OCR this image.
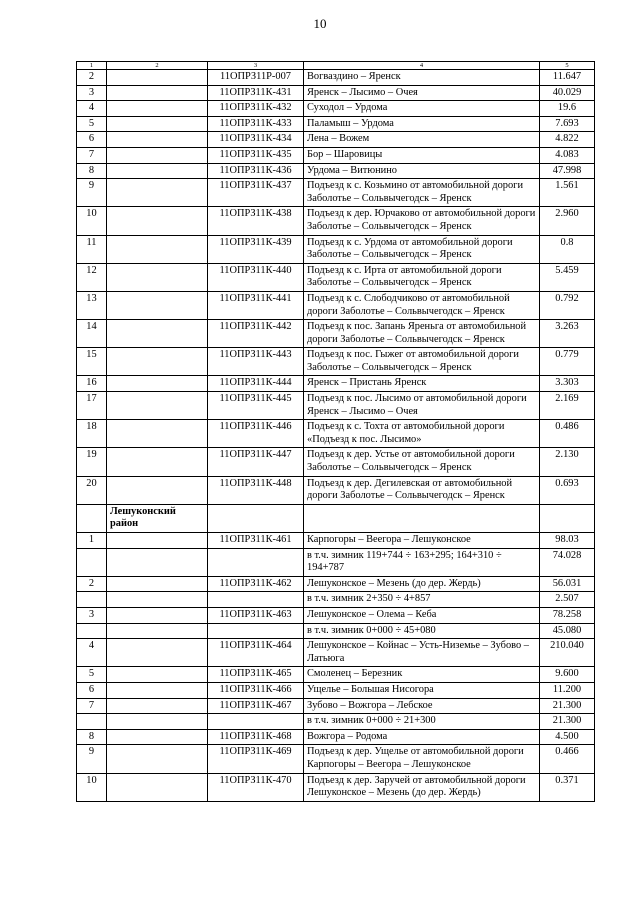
10
1	2	3	4	5
2		11ОПРЗ11Р-007	Вогваздино – Яренск	11.647
3		11ОПРЗ11К-431	Яренск – Лысимо – Очея	40.029
4		11ОПРЗ11К-432	Суходол – Урдома	19.6
5		11ОПРЗ11К-433	Паламыш – Урдома	7.693
6		11ОПРЗ11К-434	Лена – Вожем	4.822
7		11ОПРЗ11К-435	Бор – Шаровицы	4.083
8		11ОПРЗ11К-436	Урдома – Витюнино	47.998
9		11ОПРЗ11К-437	Подъезд к с. Козьмино от автомобильной дороги Заболотье – Сольвычегодск – Яренск	1.561
10		11ОПРЗ11К-438	Подъезд к дер. Юрчаково от автомобильной дороги Заболотье – Сольвычегодск – Яренск	2.960
11		11ОПРЗ11К-439	Подъезд к с. Урдома от автомобильной дороги Заболотье – Сольвычегодск – Яренск	0.8
12		11ОПРЗ11К-440	Подъезд к с. Ирта от автомобильной дороги Заболотье – Сольвычегодск – Яренск	5.459
13		11ОПРЗ11К-441	Подъезд к с. Слободчиково от автомобильной дороги Заболотье – Сольвычегодск – Яренск	0.792
14		11ОПРЗ11К-442	Подъезд к пос. Запань Яреньга от автомобильной дороги Заболотье – Сольвычегодск – Яренск	3.263
15		11ОПРЗ11К-443	Подъезд к пос. Гыжег от автомобильной дороги Заболотье – Сольвычегодск – Яренск	0.779
16		11ОПРЗ11К-444	Яренск – Пристань Яренск	3.303
17		11ОПРЗ11К-445	Подъезд к пос. Лысимо от автомобильной дороги Яренск – Лысимо – Очея	2.169
18		11ОПРЗ11К-446	Подъезд к с. Тохта от автомобильной дороги «Подъезд к пос. Лысимо»	0.486
19		11ОПРЗ11К-447	Подъезд к дер. Устье от автомобильной дороги Заболотье – Сольвычегодск – Яренск	2.130
20		11ОПРЗ11К-448	Подъезд к дер. Дегилевская от автомобильной дороги Заболотье – Сольвычегодск – Яренск	0.693
	Лешуконский район			
1		11ОПРЗ11К-461	Карпогоры – Веегора – Лешуконское	98.03
			в т.ч. зимник 119+744 ÷ 163+295; 164+310 ÷ 194+787	74.028
2		11ОПРЗ11К-462	Лешуконское – Мезень (до дер. Жердь)	56.031
			в т.ч. зимник 2+350 ÷ 4+857	2.507
3		11ОПРЗ11К-463	Лешуконское – Олема – Кеба	78.258
			в т.ч. зимник 0+000 ÷ 45+080	45.080
4		11ОПРЗ11К-464	Лешуконское – Койнас – Усть-Низемье – Зубово –Латьюга	210.040
5		11ОПРЗ11К-465	Смоленец – Березник	9.600
6		11ОПРЗ11К-466	Ущелье – Большая Нисогора	11.200
7		11ОПРЗ11К-467	Зубово – Вожгора – Лебское	21.300
			в т.ч. зимник 0+000 ÷ 21+300	21.300
8		11ОПРЗ11К-468	Вожгора – Родома	4.500
9		11ОПРЗ11К-469	Подъезд к дер. Ущелье от автомобильной дороги Карпогоры – Веегора – Лешуконское	0.466
10		11ОПРЗ11К-470	Подъезд к дер. Заручей от автомобильной дороги Лешуконское – Мезень (до дер. Жердь)	0.371
